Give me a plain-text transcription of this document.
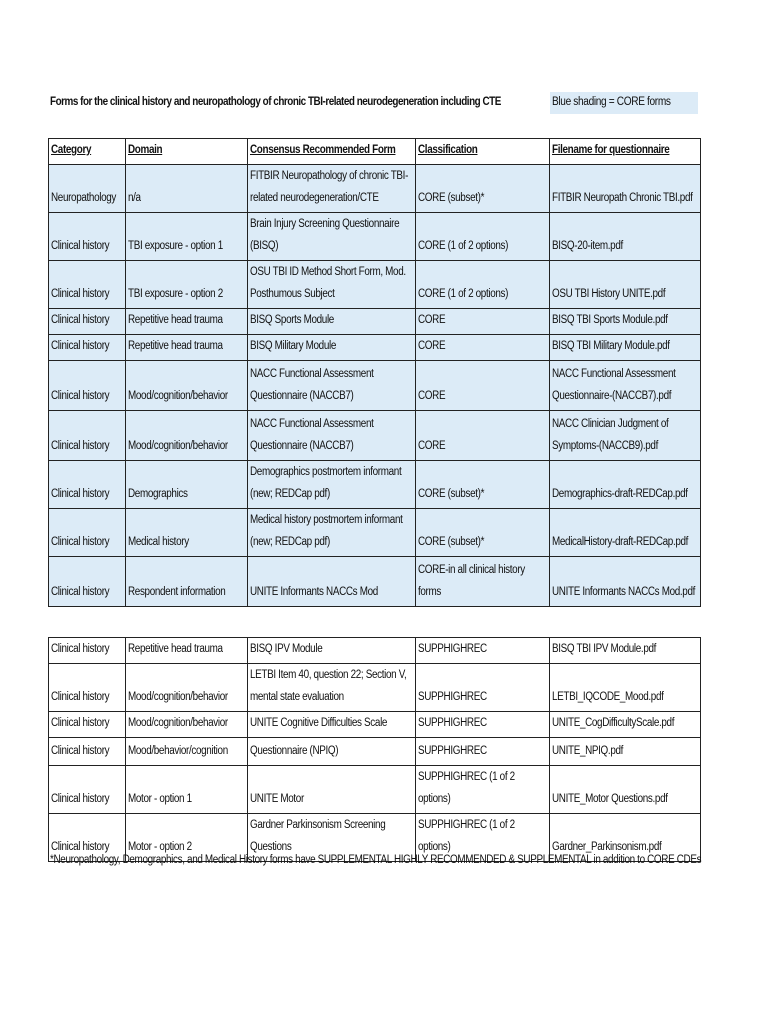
Forms for the clinical history and neuropathology of chronic TBI-related neurodegeneration including CTE	Blue shading = CORE forms
Category	Domain	Consensus Recommended Form	Classification	Filename for questionnaire

Neuropathology	n/a	FITBIR Neuropathology of chronic TBI-related neurodegeneration/CTE	CORE (subset)*	FITBIR Neuropath Chronic TBI.pdf

Clinical history	TBI exposure - option 1	Brain Injury Screening Questionnaire (BISQ)	CORE (1 of 2 options)	BISQ-20-item.pdf

Clinical history	TBI exposure - option 2	OSU TBI ID Method Short Form, Mod. Posthumous Subject	CORE (1 of 2 options)	OSU TBI History UNITE.pdf

Clinical history	Repetitive head trauma	BISQ Sports Module	CORE	BISQ TBI Sports Module.pdf

Clinical history	Repetitive head trauma	BISQ Military Module	CORE	BISQ TBI Military Module.pdf

Clinical history	Mood/cognition/behavior	NACC Functional Assessment Questionnaire (NACCB7)	CORE	NACC Functional Assessment Questionnaire-(NACCB7).pdf

Clinical history	Mood/cognition/behavior	NACC Functional Assessment Questionnaire (NACCB7)	CORE	NACC Clinician Judgment of Symptoms-(NACCB9).pdf

Clinical history	Demographics	Demographics postmortem informant (new; REDCap pdf)	CORE (subset)*	Demographics-draft-REDCap.pdf

Clinical history	Medical history	Medical history postmortem informant (new; REDCap pdf)	CORE (subset)*	MedicalHistory-draft-REDCap.pdf

Clinical history	Respondent information	UNITE Informants NACCs Mod	CORE-in all clinical history forms	UNITE Informants NACCs Mod.pdf
Clinical history	Repetitive head trauma	BISQ IPV Module	SUPPHIGHREC	BISQ TBI IPV Module.pdf

Clinical history	Mood/cognition/behavior	LETBI Item 40, question 22; Section V, mental state evaluation	SUPPHIGHREC	LETBI_IQCODE_Mood.pdf

Clinical history	Mood/cognition/behavior	UNITE Cognitive Difficulties Scale	SUPPHIGHREC	UNITE_CogDifficultyScale.pdf

Clinical history	Mood/behavior/cognition	Questionnaire (NPIQ)	SUPPHIGHREC	UNITE_NPIQ.pdf

Clinical history	Motor - option 1	UNITE Motor	SUPPHIGHREC (1 of 2 options)	UNITE_Motor Questions.pdf

Clinical history	Motor - option 2	Gardner Parkinsonism Screening Questions	SUPPHIGHREC (1 of 2 options)	Gardner_Parkinsonism.pdf
*Neuropathology, Demographics, and Medical History forms have SUPPLEMENTAL HIGHLY RECOMMENDED & SUPPLEMENTAL in addition to CORE CDEs
